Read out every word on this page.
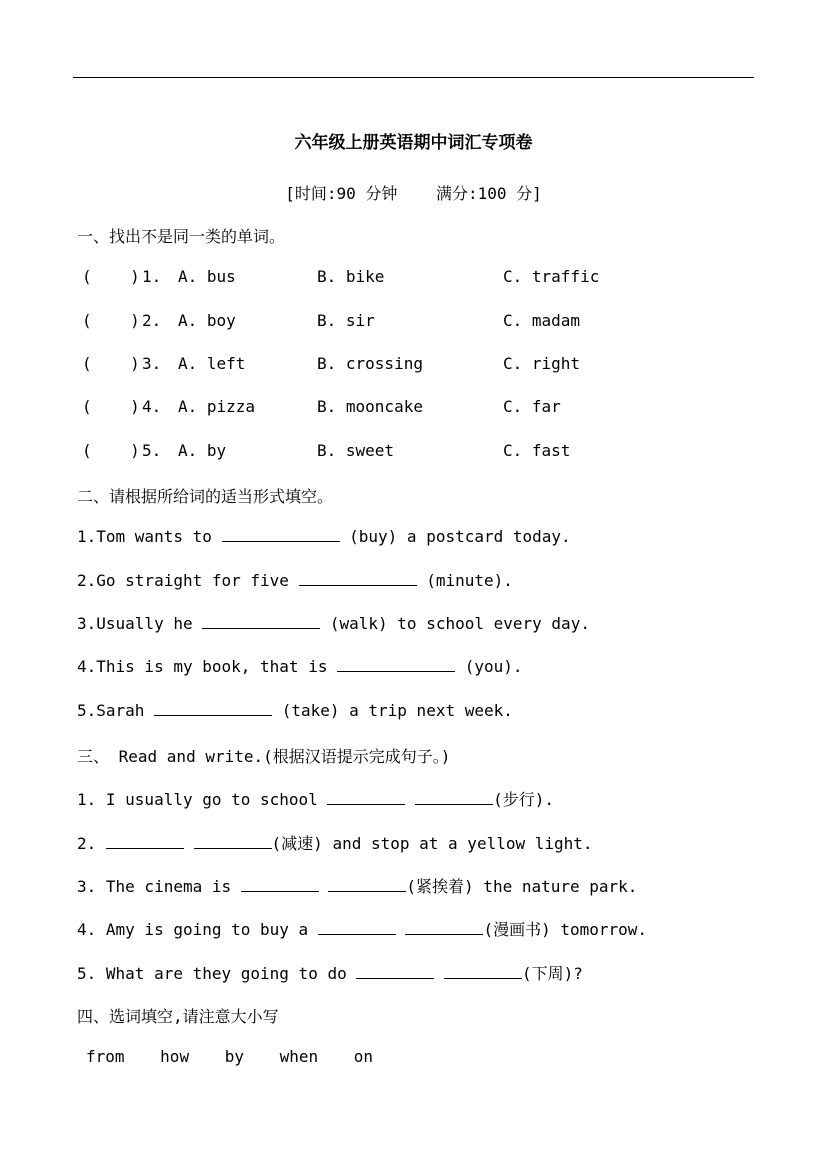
六年级上册英语期中词汇专项卷
[时间:90 分钟    满分:100 分]
一、找出不是同一类的单词。
(    ) 1. A. bus	B. bike	C. traffic
(    ) 2. A. boy	B. sir	C. madam
(    ) 3. A. left	B. crossing	C. right
(    ) 4. A. pizza	B. mooncake	C. far
(    ) 5. A. by	B. sweet	C. fast
二、请根据所给词的适当形式填空。
1.Tom wants to	(buy) a postcard today.
2.Go straight for five	(minute).
3.Usually he	(walk) to school every day.
4.This is my book, that is	(you).
5.Sarah	(take) a trip next week.
三、 Read and write.(根据汉语提示完成句子。)
1. I usually go to school	(步行).
2.	(减速) and stop at a yellow light.
3. The cinema is	(紧挨着) the nature park.
4. Amy is going to buy a	(漫画书) tomorrow.
5. What are they going to do	(下周)?
四、选词填空,请注意大小写
from how by when on
